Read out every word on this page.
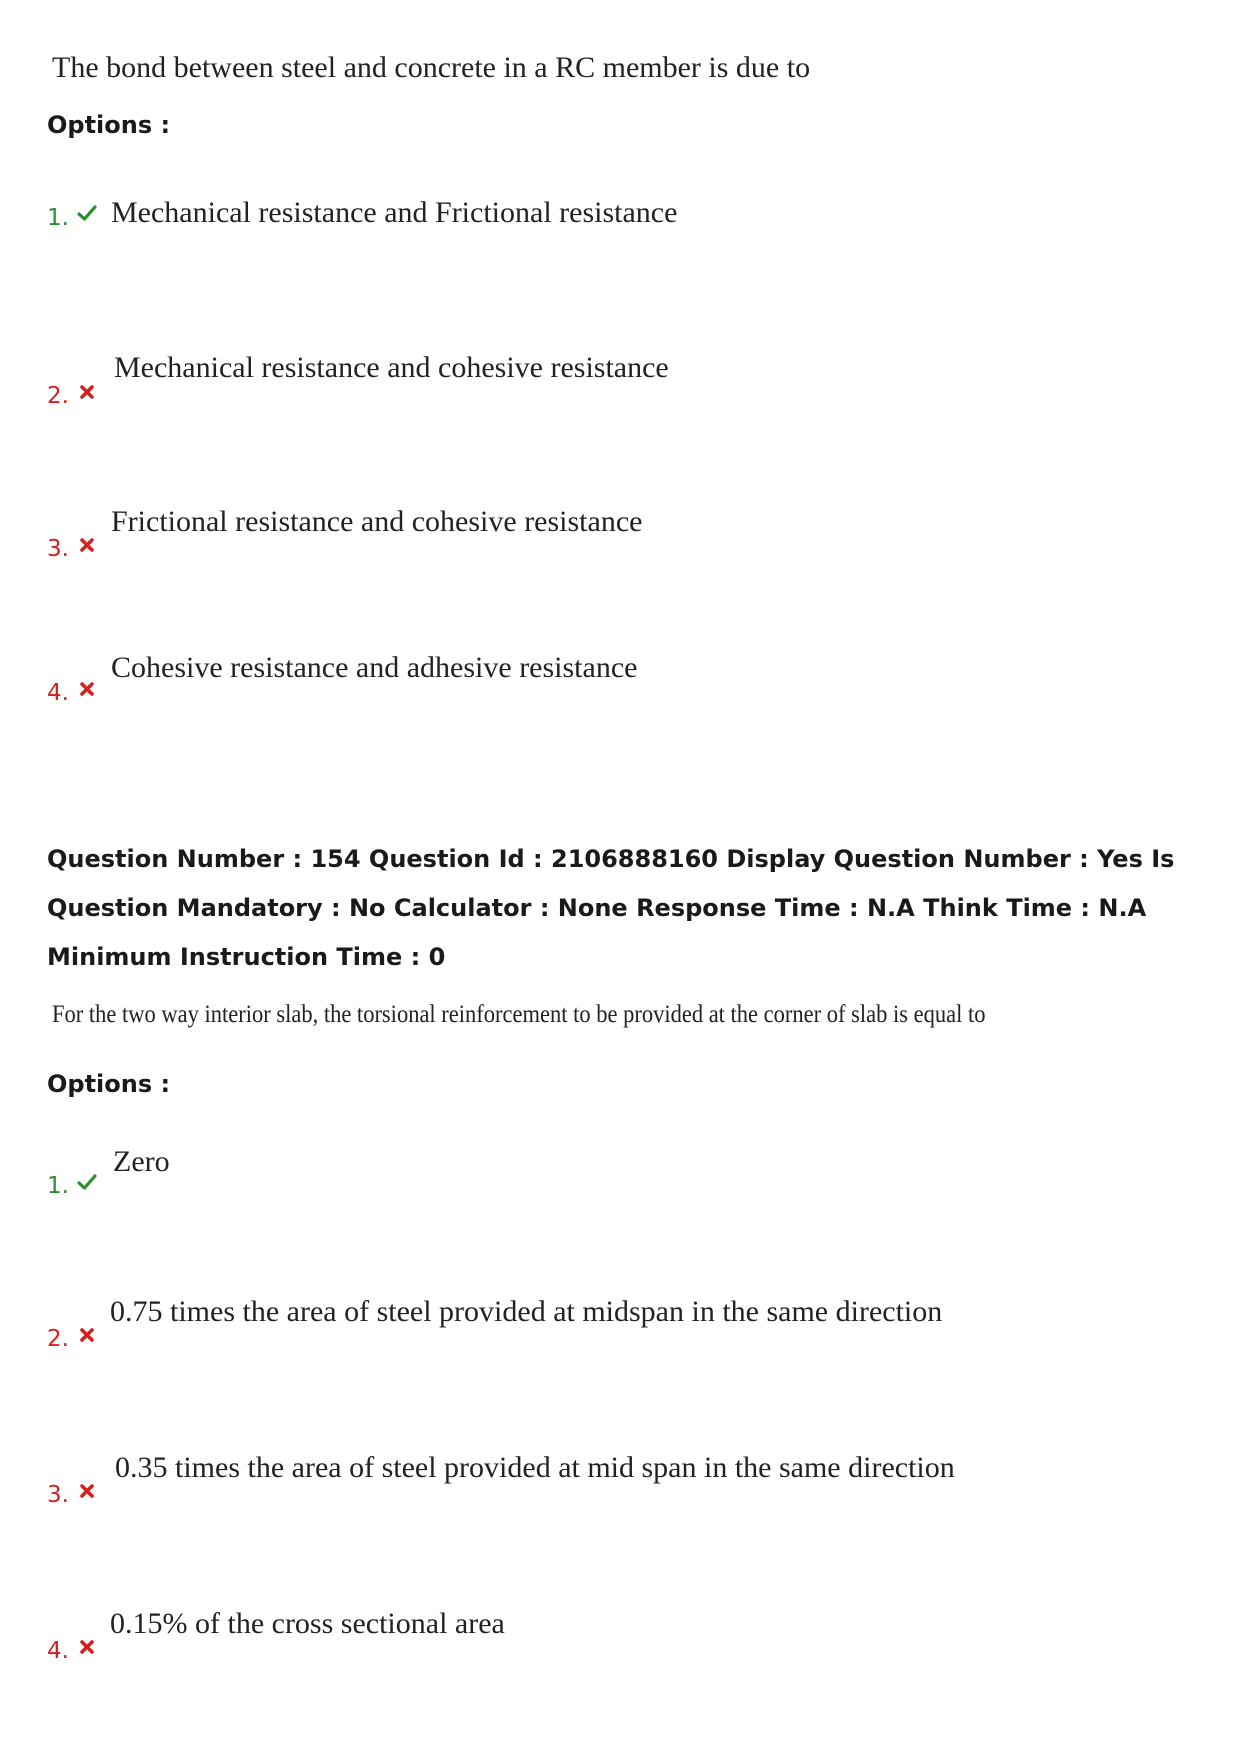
The bond between steel and concrete in a RC member is due to
Options :
1. Mechanical resistance and Frictional resistance
2.
Mechanical resistance and cohesive resistance
3.
Frictional resistance and cohesive resistance
4.
Cohesive resistance and adhesive resistance
Question Number : 154 Question Id : 2106888160 Display Question Number : Yes Is Question Mandatory : No Calculator : None Response Time : N.A Think Time : N.A Minimum Instruction Time : 0
For the two way interior slab, the torsional reinforcement to be provided at the corner of slab is equal to
Options :
1.
Zero
2.
0.75 times the area of steel provided at midspan in the same direction
3.
0.35 times the area of steel provided at mid span in the same direction
4.
0.15% of the cross sectional area
